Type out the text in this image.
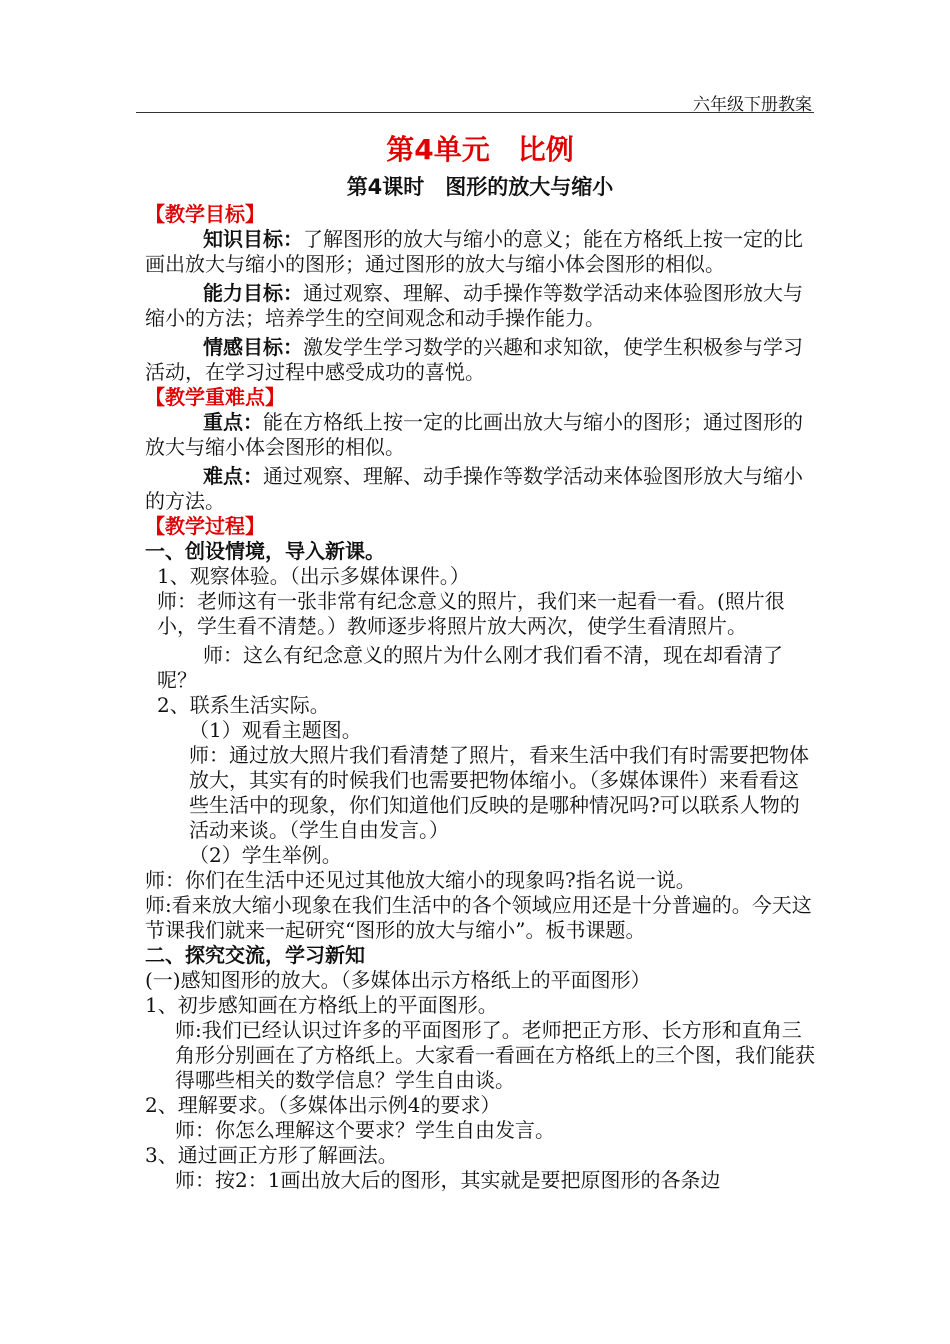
六年级下册教案
第4单元　比例
第4课时　图形的放大与缩小
【教学目标】

知识目标：了解图形的放大与缩小的意义；能在方格纸上按一定的比画出放大与缩小的图形；通过图形的放大与缩小体会图形的相似。

能力目标：通过观察、理解、动手操作等数学活动来体验图形放大与缩小的方法；培养学生的空间观念和动手操作能力。

情感目标：激发学生学习数学的兴趣和求知欲，使学生积极参与学习活动，在学习过程中感受成功的喜悦。

【教学重难点】

重点：能在方格纸上按一定的比画出放大与缩小的图形；通过图形的放大与缩小体会图形的相似。

难点：通过观察、理解、动手操作等数学活动来体验图形放大与缩小的方法。

【教学过程】
一、创设情境，导入新课。

1、观察体验。（出示多媒体课件。）

师：老师这有一张非常有纪念意义的照片，我们来一起看一看。(照片很小，学生看不清楚。）教师逐步将照片放大两次，使学生看清照片。

师：这么有纪念意义的照片为什么刚才我们看不清，现在却看清了呢？

2、联系生活实际。

（1）观看主题图。

师：通过放大照片我们看清楚了照片，看来生活中我们有时需要把物体放大，其实有的时候我们也需要把物体缩小。（多媒体课件）来看看这些生活中的现象，你们知道他们反映的是哪种情况吗?可以联系人物的活动来谈。（学生自由发言。）

（2）学生举例。

师：你们在生活中还见过其他放大缩小的现象吗?指名说一说。

师:看来放大缩小现象在我们生活中的各个领域应用还是十分普遍的。今天这节课我们就来一起研究“图形的放大与缩小”。板书课题。

二、探究交流，学习新知

(一)感知图形的放大。（多媒体出示方格纸上的平面图形）

1、初步感知画在方格纸上的平面图形。

师:我们已经认识过许多的平面图形了。老师把正方形、长方形和直角三角形分别画在了方格纸上。大家看一看画在方格纸上的三个图，我们能获得哪些相关的数学信息？学生自由谈。

2、理解要求。（多媒体出示例4的要求）

师：你怎么理解这个要求？学生自由发言。

3、通过画正方形了解画法。

师：按2：1画出放大后的图形，其实就是要把原图形的各条边
